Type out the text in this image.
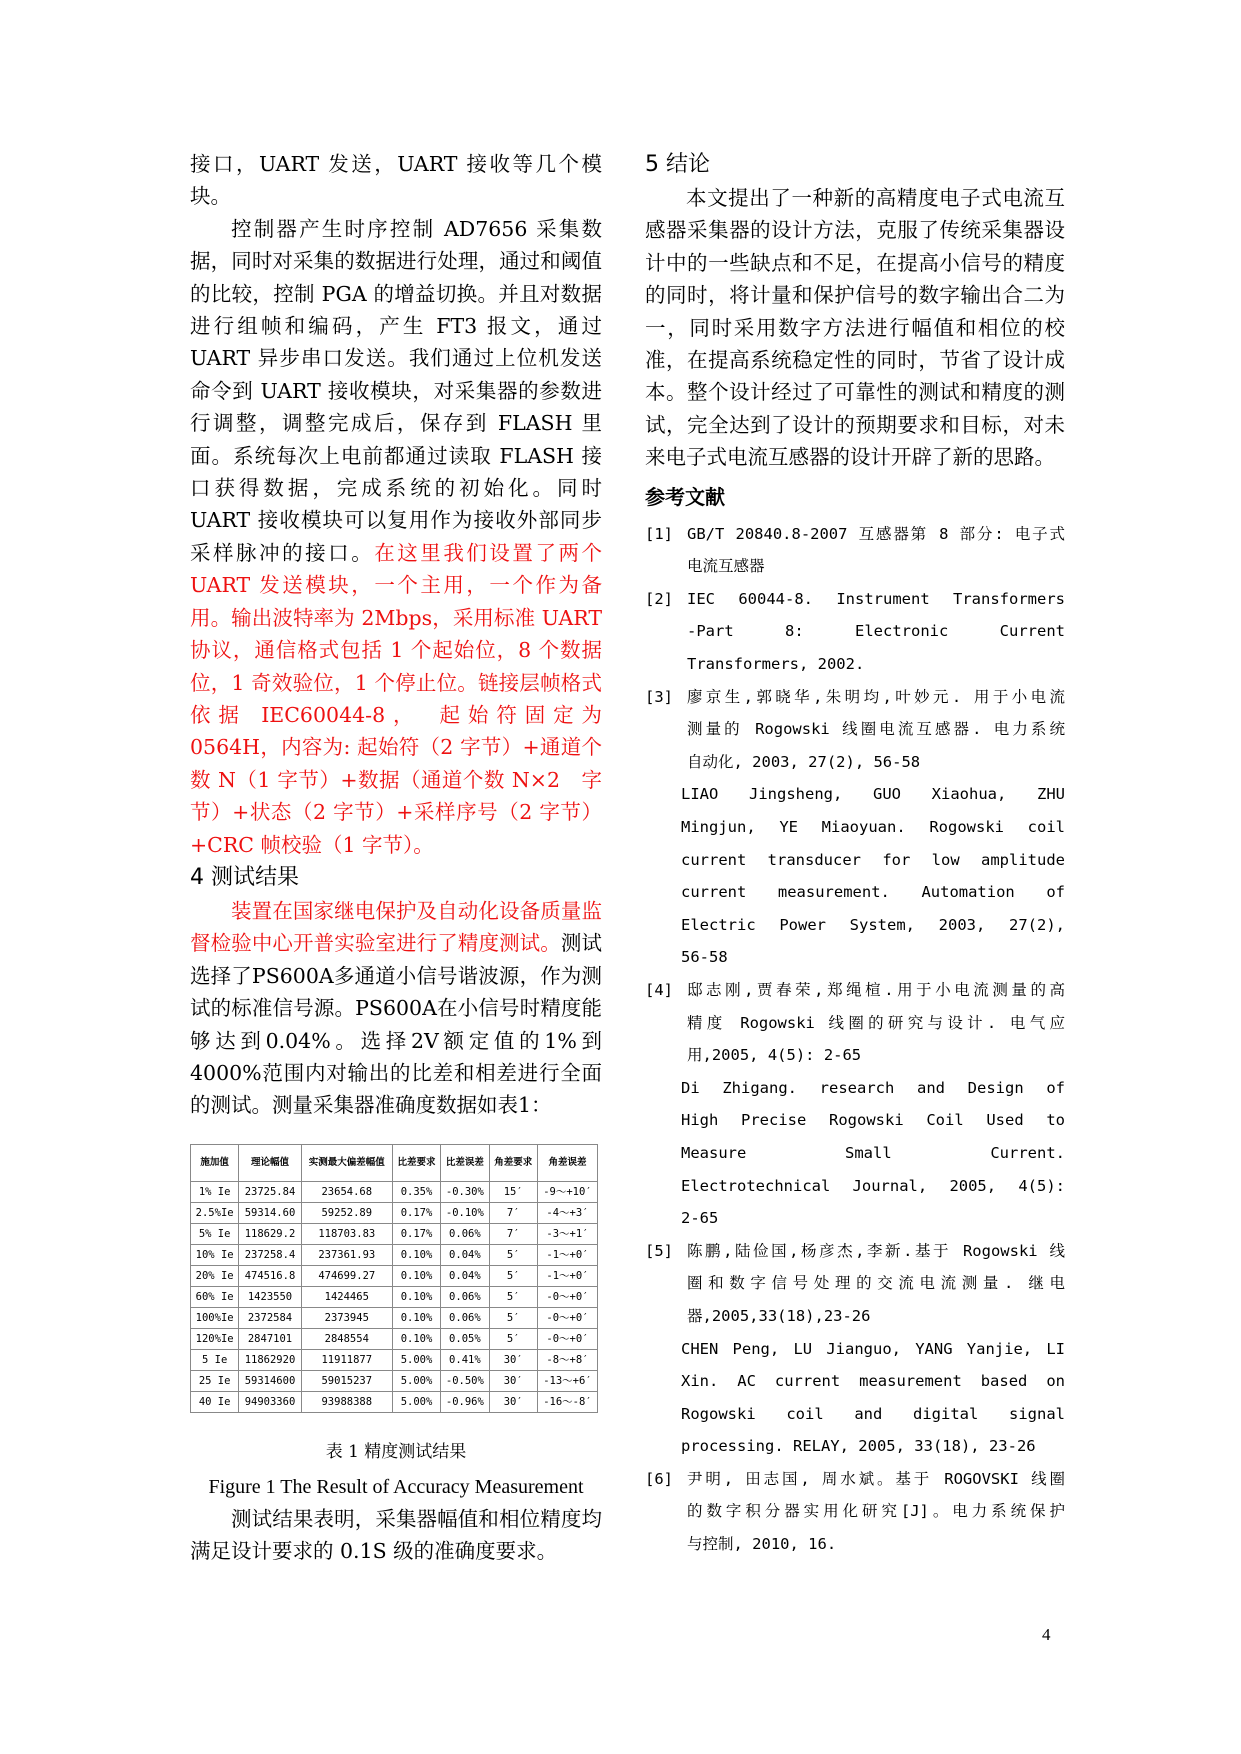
接口，UART 发送，UART 接收等几个模块。
控制器产生时序控制 AD7656 采集数据，同时对采集的数据进行处理，通过和阈值的比较，控制 PGA 的增益切换。并且对数据进行组帧和编码，产生 FT3 报文，通过 UART 异步串口发送。我们通过上位机发送命令到 UART 接收模块，对采集器的参数进行调整，调整完成后，保存到 FLASH 里面。系统每次上电前都通过读取 FLASH 接口获得数据，完成系统的初始化。同时 UART 接收模块可以复用作为接收外部同步采样脉冲的接口。在这里我们设置了两个 UART 发送模块，一个主用，一个作为备用。输出波特率为 2Mbps，采用标准 UART 协议，通信格式包括 1 个起始位，8 个数据位，1 奇效验位，1 个停止位。链接层帧格式依据 IEC60044-8，　起始符固定为 0564H，内容为: 起始符（2 字节）+通道个数 N（1 字节）+数据（通道个数 N×2　字节）+状态（2 字节）+采样序号（2 字节）+CRC 帧校验（1 字节）。
4 测试结果
装置在国家继电保护及自动化设备质量监督检验中心开普实验室进行了精度测试。测试选择了PS600A多通道小信号谐波源，作为测试的标准信号源。PS600A在小信号时精度能够达到0.04%。选择2V额定值的1%到4000%范围内对输出的比差和相差进行全面的测试。测量采集器准确度数据如表1：
施加值	理论幅值	实测最大偏差幅值	比差要求	比差误差	角差要求	角差误差
1% Ie	23725.84	23654.68	0.35%	-0.30%	15′	-9～+10′
2.5%Ie	59314.60	59252.89	0.17%	-0.10%	7′	-4～+3′
5% Ie	118629.2	118703.83	0.17%	0.06%	7′	-3～+1′
10% Ie	237258.4	237361.93	0.10%	0.04%	5′	-1～+0′
20% Ie	474516.8	474699.27	0.10%	0.04%	5′	-1～+0′
60% Ie	1423550	1424465	0.10%	0.06%	5′	-0～+0′
100%Ie	2372584	2373945	0.10%	0.06%	5′	-0～+0′
120%Ie	2847101	2848554	0.10%	0.05%	5′	-0～+0′
5 Ie	11862920	11911877	5.00%	0.41%	30′	-8～+8′
25 Ie	59314600	59015237	5.00%	-0.50%	30′	-13～+6′
40 Ie	94903360	93988388	5.00%	-0.96%	30′	-16～-8′
表 1 精度测试结果
Figure 1 The Result of Accuracy Measurement
测试结果表明，采集器幅值和相位精度均满足设计要求的 0.1S 级的准确度要求。
5 结论
本文提出了一种新的高精度电子式电流互感器采集器的设计方法，克服了传统采集器设计中的一些缺点和不足，在提高小信号的精度的同时，将计量和保护信号的数字输出合二为一，同时采用数字方法进行幅值和相位的校准，在提高系统稳定性的同时，节省了设计成本。整个设计经过了可靠性的测试和精度的测试，完全达到了设计的预期要求和目标，对未来电子式电流互感器的设计开辟了新的思路。
参考文献
[1] GB/T 20840.8-2007 互感器第 8 部分: 电子式
电流互感器
[2] IEC 60044-8. Instrument Transformers
-Part 8: Electronic Current
Transformers, 2002.
[3] 廖京生,郭晓华,朱明均,叶妙元. 用于小电流
测量的 Rogowski 线圈电流互感器. 电力系统
自动化, 2003, 27(2), 56-58
LIAO Jingsheng, GUO Xiaohua, ZHU
Mingjun, YE Miaoyuan. Rogowski coil
current transducer for low amplitude
current measurement. Automation of
Electric Power System, 2003, 27(2),
56-58
[4] 邸志刚,贾春荣,郑绳楦.用于小电流测量的高
精度 Rogowski 线圈的研究与设计. 电气应
用,2005, 4(5): 2-65
Di Zhigang. research and Design of
High Precise Rogowski Coil Used to
Measure Small Current.
Electrotechnical Journal, 2005, 4(5):
2-65
[5] 陈鹏,陆俭国,杨彦杰,李新.基于 Rogowski 线
圈和数字信号处理的交流电流测量. 继电
器,2005,33(18),23-26
CHEN Peng, LU Jianguo, YANG Yanjie, LI
Xin. AC current measurement based on
Rogowski coil and digital signal
processing. RELAY, 2005, 33(18), 23-26
[6] 尹明, 田志国, 周水斌。基于 ROGOVSKI 线圈
的数字积分器实用化研究[J]。电力系统保护
与控制, 2010, 16.
4
